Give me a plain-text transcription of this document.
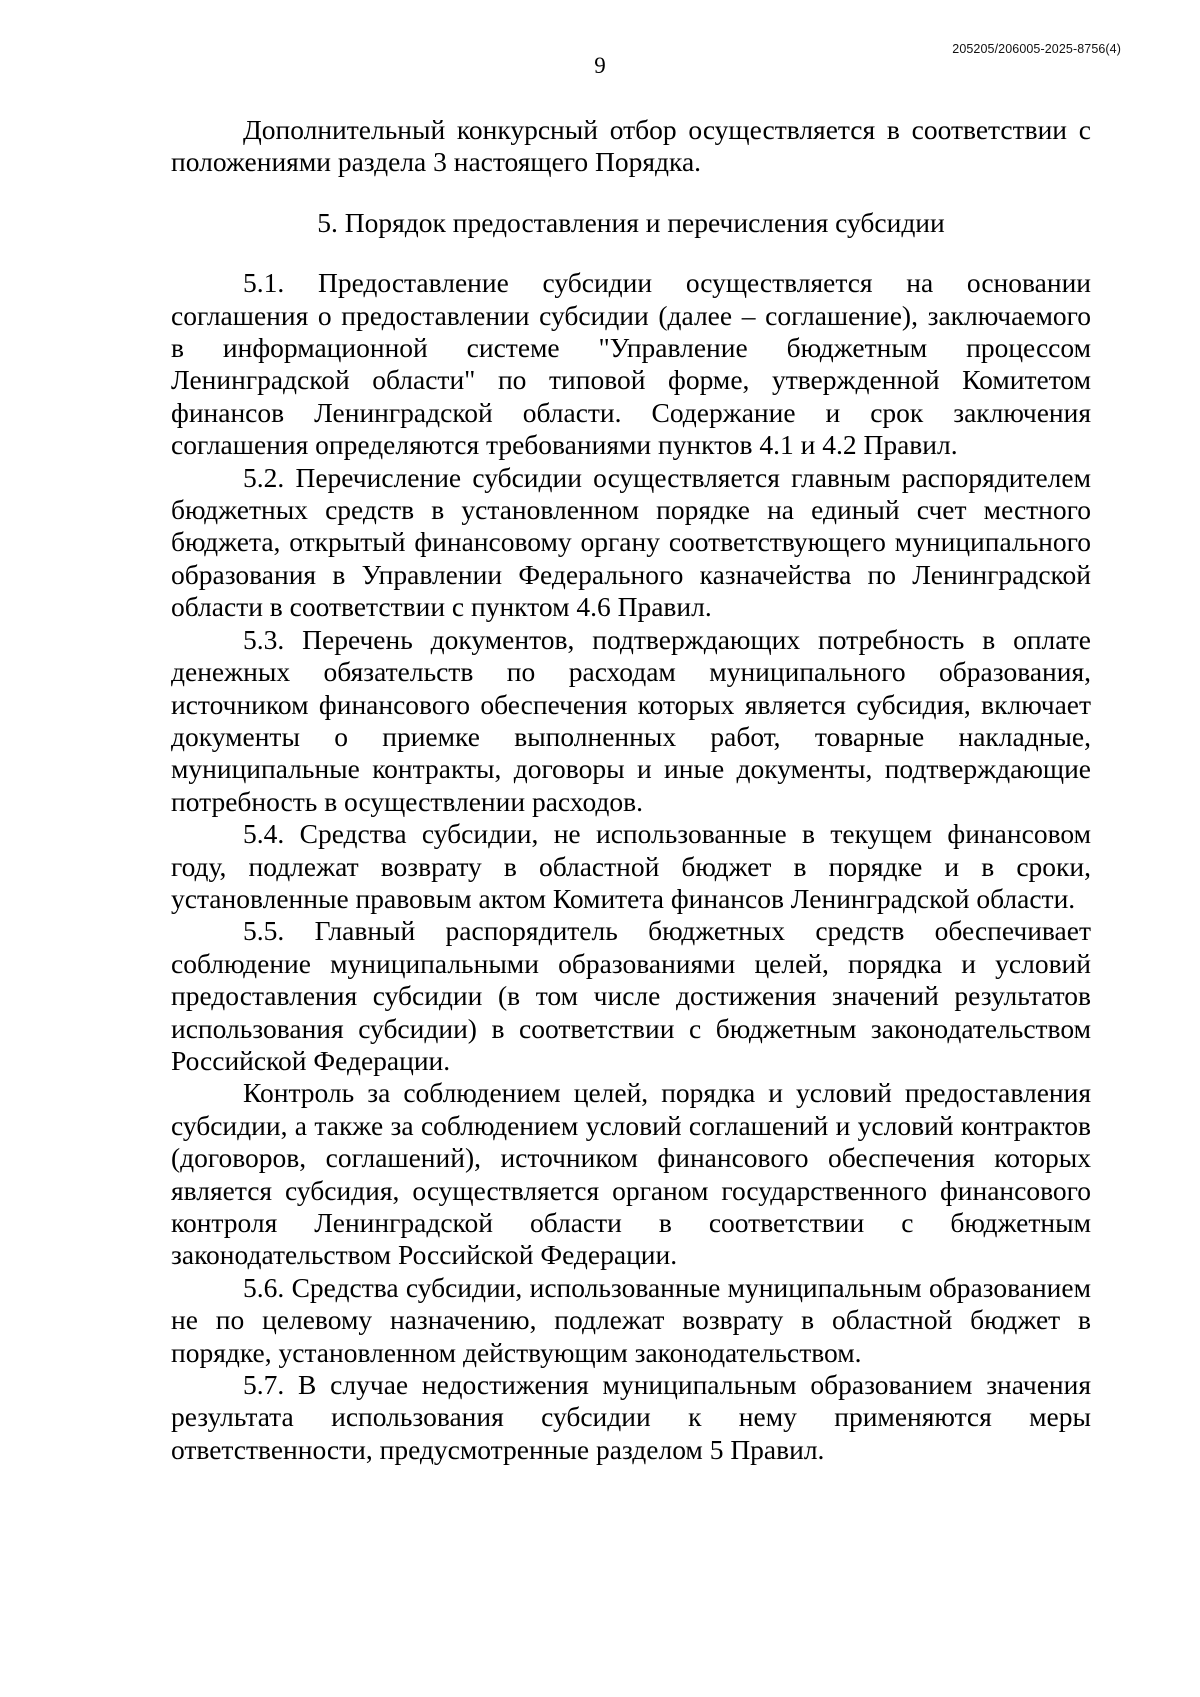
205205/206005-2025-8756(4)
9

Дополнительный конкурсный отбор осуществляется в соответствии с положениями раздела 3 настоящего Порядка.

5. Порядок предоставления и перечисления субсидии

5.1. Предоставление субсидии осуществляется на основании соглашения о предоставлении субсидии (далее – соглашение), заключаемого в информационной системе "Управление бюджетным процессом Ленинградской области" по типовой форме, утвержденной Комитетом финансов Ленинградской области. Содержание и срок заключения соглашения определяются требованиями пунктов 4.1 и 4.2 Правил.

5.2. Перечисление субсидии осуществляется главным распорядителем бюджетных средств в установленном порядке на единый счет местного бюджета, открытый финансовому органу соответствующего муниципального образования в Управлении Федерального казначейства по Ленинградской области в соответствии с пунктом 4.6 Правил.

5.3. Перечень документов, подтверждающих потребность в оплате денежных обязательств по расходам муниципального образования, источником финансового обеспечения которых является субсидия, включает документы о приемке выполненных работ, товарные накладные, муниципальные контракты, договоры и иные документы, подтверждающие потребность в осуществлении расходов.

5.4. Средства субсидии, не использованные в текущем финансовом году, подлежат возврату в областной бюджет в порядке и в сроки, установленные правовым актом Комитета финансов Ленинградской области.

5.5. Главный распорядитель бюджетных средств обеспечивает соблюдение муниципальными образованиями целей, порядка и условий предоставления субсидии (в том числе достижения значений результатов использования субсидии) в соответствии с бюджетным законодательством Российской Федерации.

Контроль за соблюдением целей, порядка и условий предоставления субсидии, а также за соблюдением условий соглашений и условий контрактов (договоров, соглашений), источником финансового обеспечения которых является субсидия, осуществляется органом государственного финансового контроля Ленинградской области в соответствии с бюджетным законодательством Российской Федерации.

5.6. Средства субсидии, использованные муниципальным образованием не по целевому назначению, подлежат возврату в областной бюджет в порядке, установленном действующим законодательством.

5.7. В случае недостижения муниципальным образованием значения результата использования субсидии к нему применяются меры ответственности, предусмотренные разделом 5 Правил.
